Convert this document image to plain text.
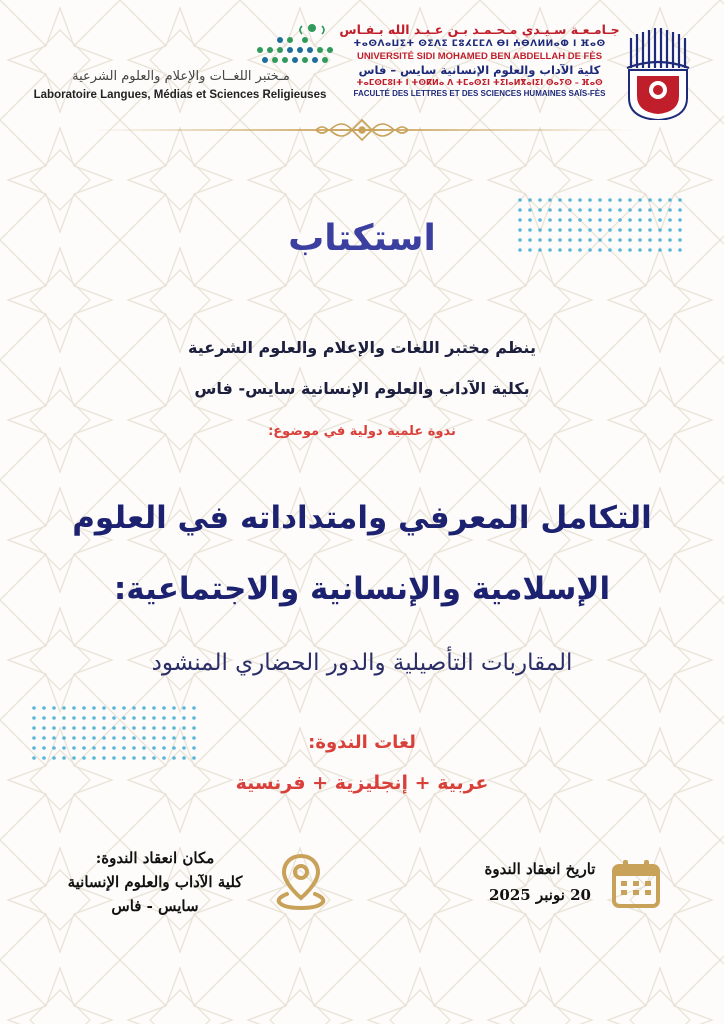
مـختبر اللغــات والإعلام والعلوم الشرعية
Laboratoire Langues, Médias et Sciences Religieuses
جـامـعـة سـيـدي مـحـمـد بـن عـبـد الله بـفـاس
ⵜⴰⵙⴷⴰⵡⵉⵜ ⵙⵉⴷⵉ ⵎⵓⵃⵎⵎⴷ ⴱⵏ ⵄⴱⴷⵍⵍⴰⵀ ⵏ ⴼⴰⵙ
UNIVERSITÉ SIDI MOHAMED BEN ABDELLAH DE FÈS
كلية الآداب والعلوم الإنسانية سايس – فاس
ⵜⴰⵎⵙⵎⵓⵏⵜ ⵏ ⵜⵙⴽⵍⴰ ⴷ ⵜⵎⴰⵙⵉⵏ ⵜⵉⵏⴰⵍⴳⴰⵏⵉⵏ ⵙⴰⵢⵙ – ⴼⴰⵙ
FACULTÉ DES LETTRES ET DES SCIENCES HUMAINES SAÏS-FÈS
استكتاب
ينظم مختبر اللغات والإعلام والعلوم الشرعية
بكلية الآداب والعلوم الإنسانية سايس- فاس
ندوة علمية دولية في موضوع:
التكامل المعرفي وامتداداته في العلوم
الإسلامية والإنسانية والاجتماعية:
المقاربات التأصيلية والدور الحضاري المنشود
لغات الندوة:
عربية + إنجليزية + فرنسية
مكان انعقاد الندوة:
كلية الآداب والعلوم الإنسانية
سايس - فاس
تاريخ انعقاد الندوة
20 نونبر 2025
